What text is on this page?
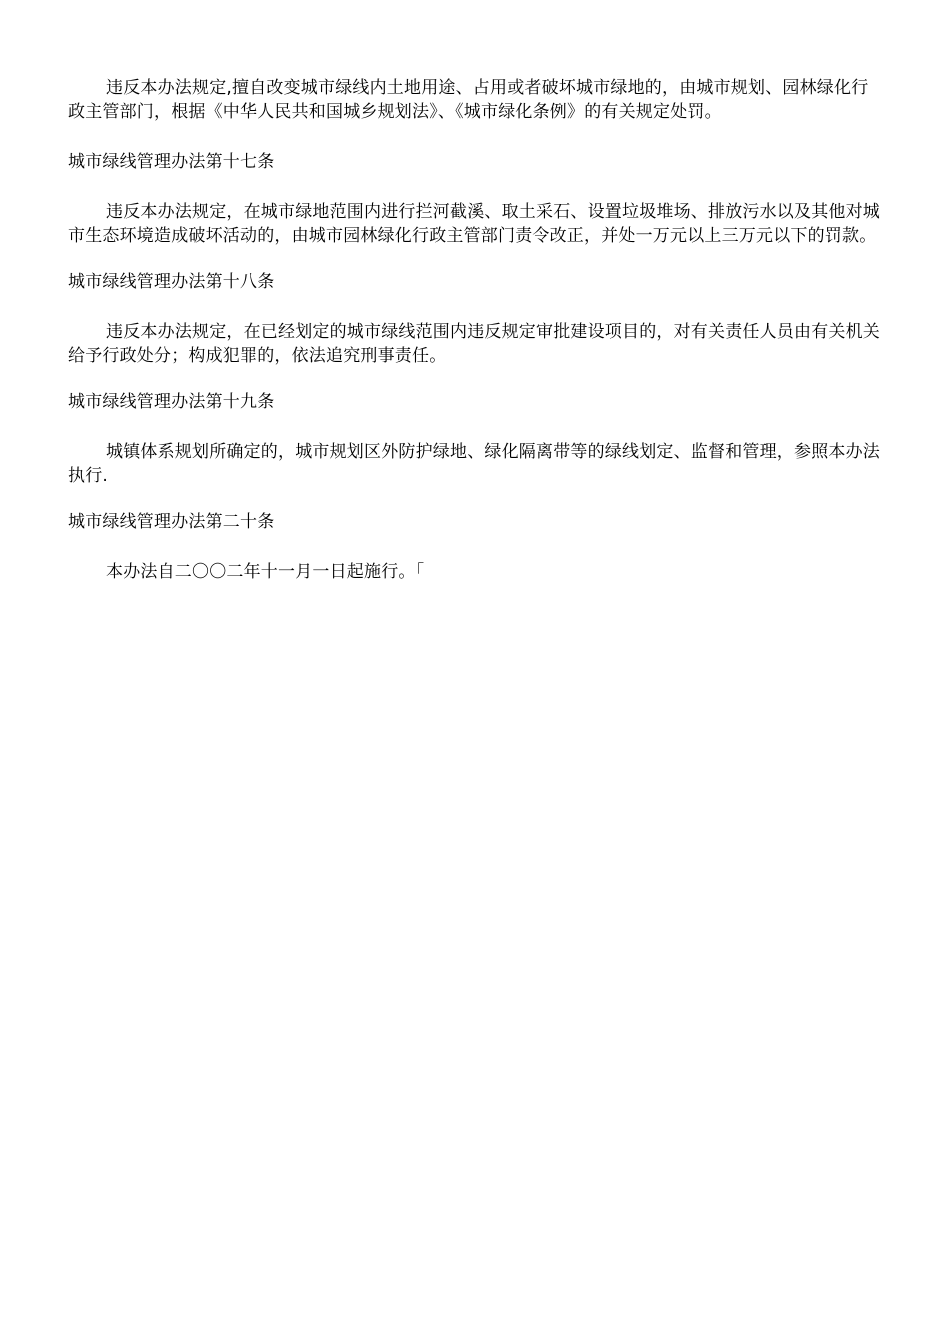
违反本办法规定,擅自改变城市绿线内土地用途、占用或者破坏城市绿地的，由城市规划、园林绿化行政主管部门，根据《中华人民共和国城乡规划法》、《城市绿化条例》的有关规定处罚。

城市绿线管理办法第十七条

违反本办法规定，在城市绿地范围内进行拦河截溪、取土采石、设置垃圾堆场、排放污水以及其他对城市生态环境造成破坏活动的，由城市园林绿化行政主管部门责令改正，并处一万元以上三万元以下的罚款。

城市绿线管理办法第十八条

违反本办法规定，在已经划定的城市绿线范围内违反规定审批建设项目的，对有关责任人员由有关机关给予行政处分；构成犯罪的，依法追究刑事责任。

城市绿线管理办法第十九条

城镇体系规划所确定的，城市规划区外防护绿地、绿化隔离带等的绿线划定、监督和管理，参照本办法执行.

城市绿线管理办法第二十条

本办法自二〇〇二年十一月一日起施行。「
